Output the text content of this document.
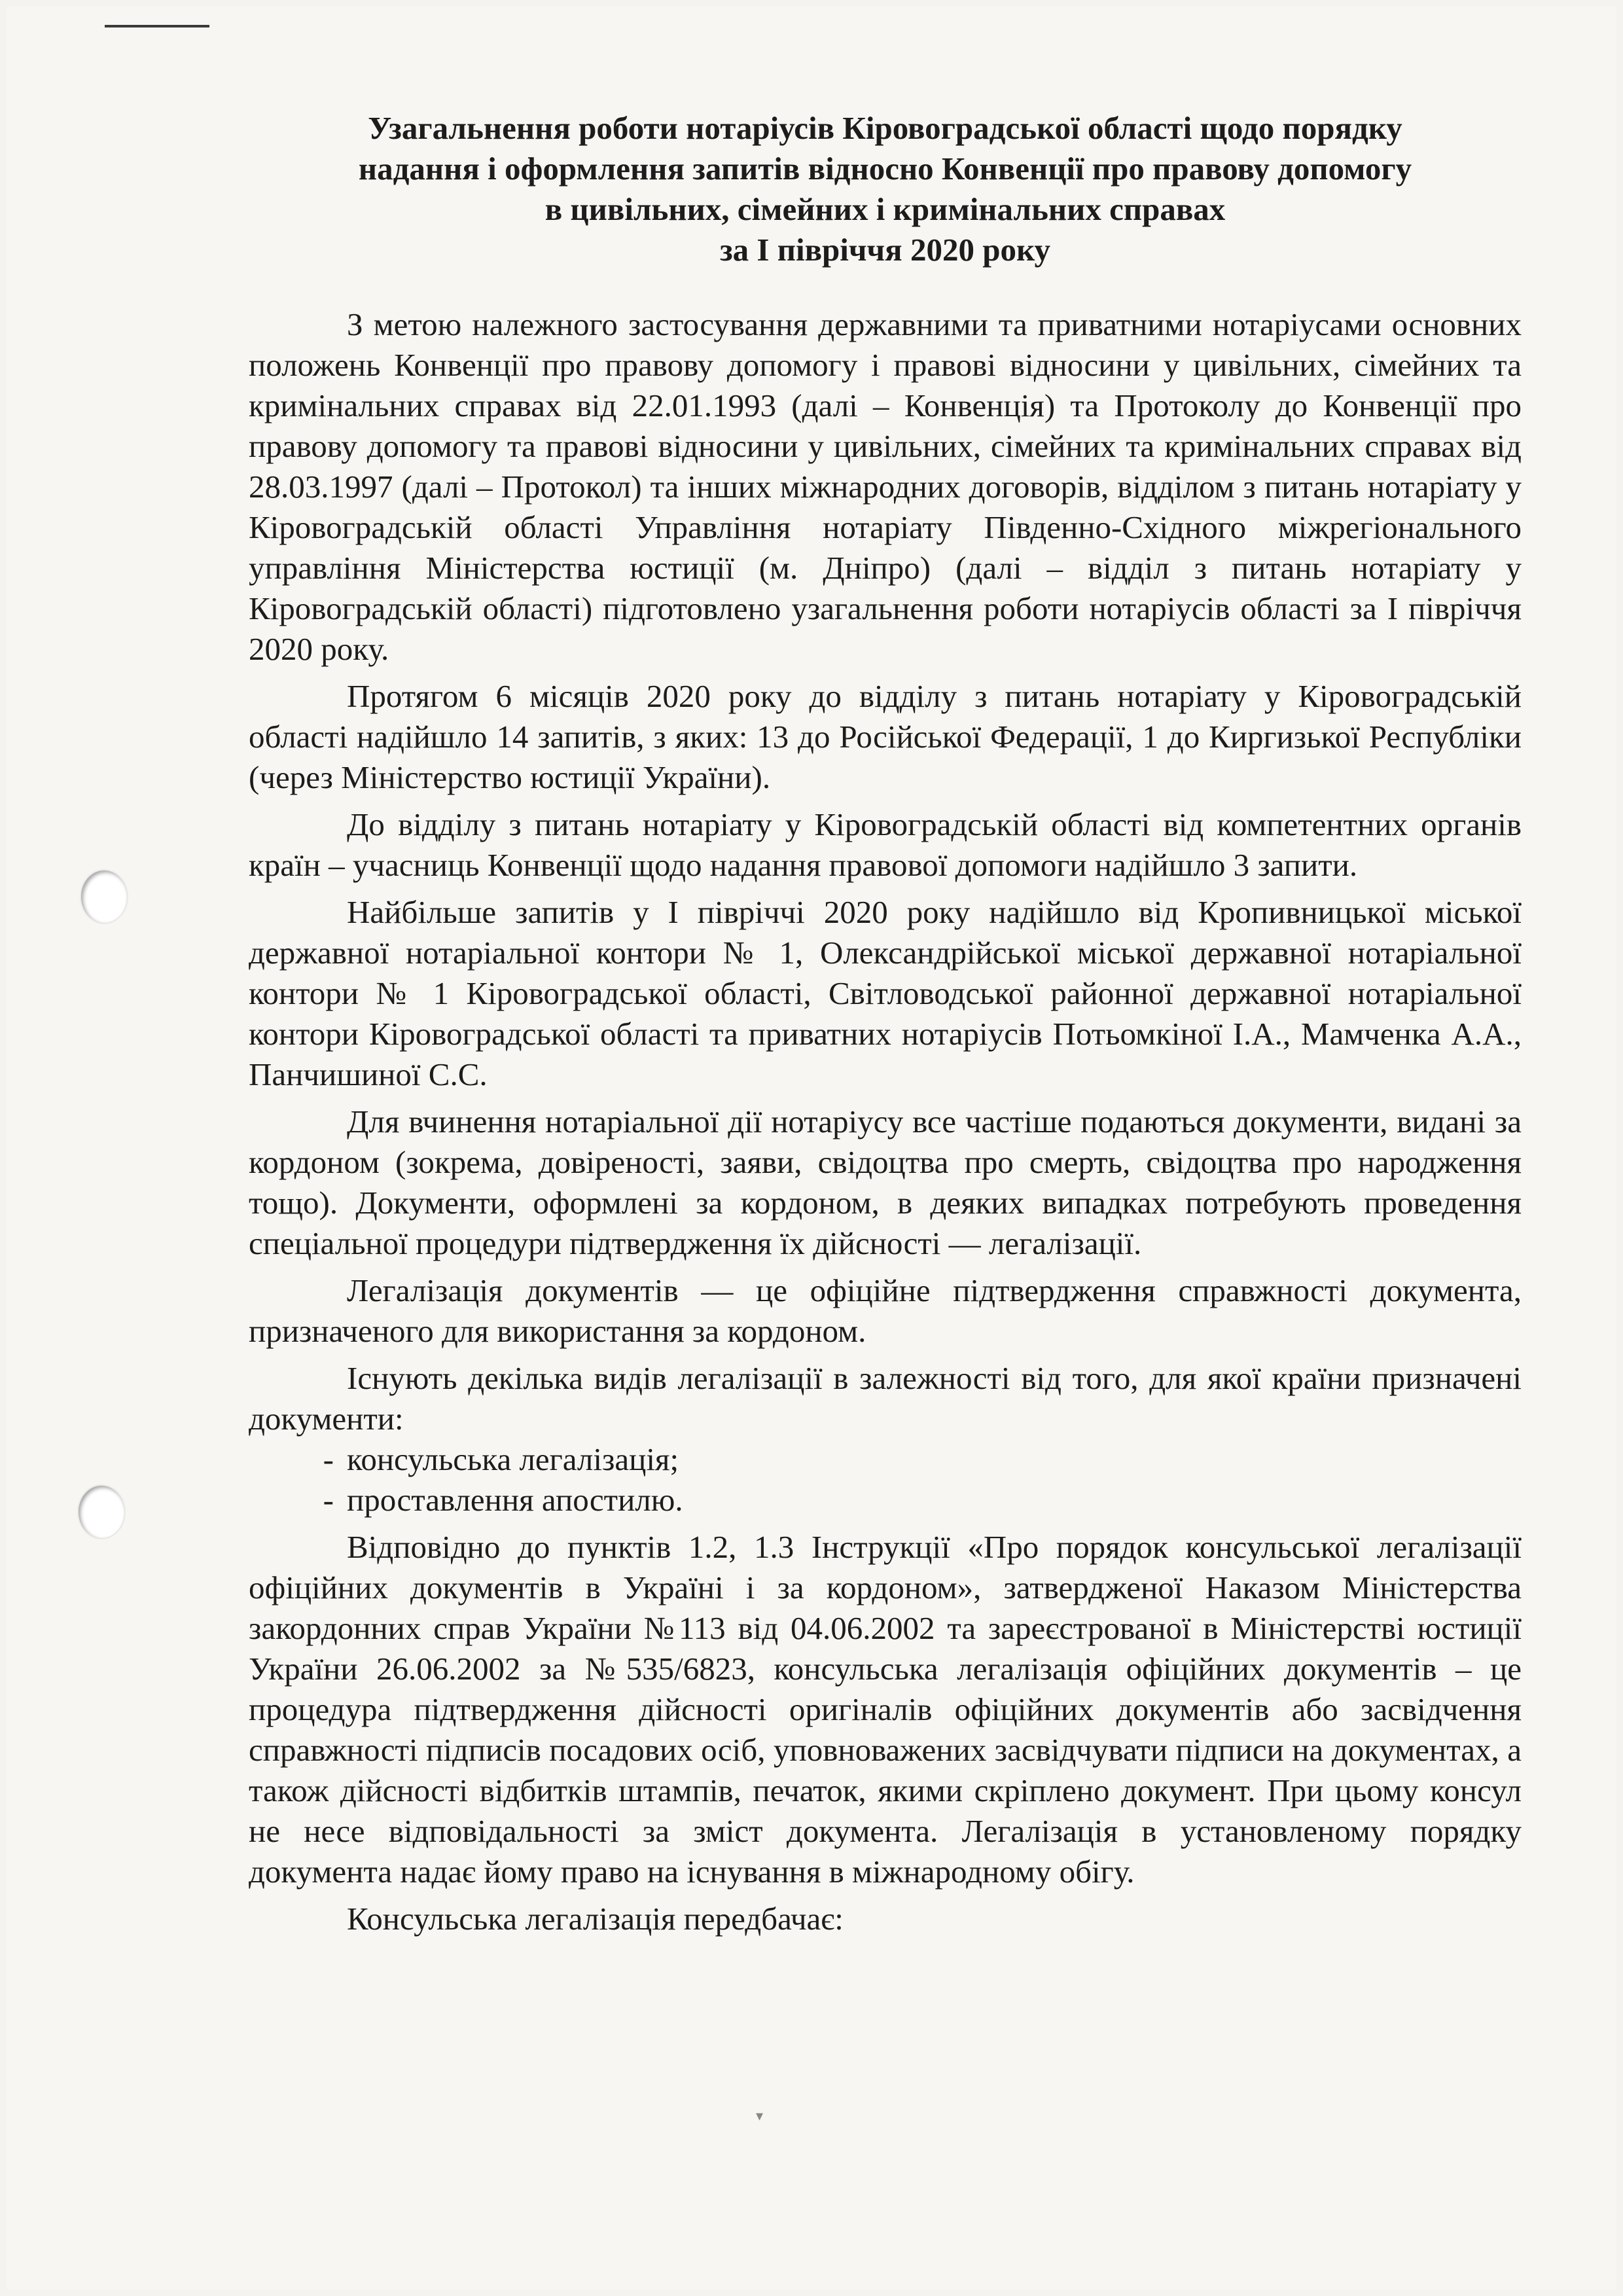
Узагальнення роботи нотаріусів Кіровоградської області щодо порядку
надання і оформлення запитів відносно Конвенції про правову допомогу
в цивільних, сімейних і кримінальних справах
за I півріччя 2020 року

З метою належного застосування державними та приватними нотаріусами основних положень Конвенції про правову допомогу і правові відносини у цивільних, сімейних та кримінальних справах від 22.01.1993 (далі – Конвенція) та Протоколу до Конвенції про правову допомогу та правові відносини у цивільних, сімейних та кримінальних справах від 28.03.1997 (далі – Протокол) та інших міжнародних договорів, відділом з питань нотаріату у Кіровоградській області Управління нотаріату Південно-Східного міжрегіонального управління Міністерства юстиції (м. Дніпро) (далі – відділ з питань нотаріату у Кіровоградській області) підготовлено узагальнення роботи нотаріусів області за I півріччя 2020 року.

Протягом 6 місяців 2020 року до відділу з питань нотаріату у Кіровоградській області надійшло 14 запитів, з яких: 13 до Російської Федерації, 1 до Киргизької Республіки (через Міністерство юстиції України).

До відділу з питань нотаріату у Кіровоградській області від компетентних органів країн – учасниць Конвенції щодо надання правової допомоги надійшло 3 запити.

Найбільше запитів у I півріччі 2020 року надійшло від Кропивницької міської державної нотаріальної контори № 1, Олександрійської міської державної нотаріальної контори № 1 Кіровоградської області, Світловодської районної державної нотаріальної контори Кіровоградської області та приватних нотаріусів Потьомкіної І.А., Мамченка А.А., Панчишиної С.С.

Для вчинення нотаріальної дії нотаріусу все частіше подаються документи, видані за кордоном (зокрема, довіреності, заяви, свідоцтва про смерть, свідоцтва про народження тощо). Документи, оформлені за кордоном, в деяких випадках потребують проведення спеціальної процедури підтвердження їх дійсності — легалізації.

Легалізація документів — це офіційне підтвердження справжності документа, призначеного для використання за кордоном.

Існують декілька видів легалізації в залежності від того, для якої країни призначені документи:

- консульська легалізація;

- проставлення апостилю.

Відповідно до пунктів 1.2, 1.3 Інструкції «Про порядок консульської легалізації офіційних документів в Україні і за кордоном», затвердженої Наказом Міністерства закордонних справ України №113 від 04.06.2002 та зареєстрованої в Міністерстві юстиції України 26.06.2002 за №535/6823, консульська легалізація офіційних документів – це процедура підтвердження дійсності оригіналів офіційних документів або засвідчення справжності підписів посадових осіб, уповноважених засвідчувати підписи на документах, а також дійсності відбитків штампів, печаток, якими скріплено документ. При цьому консул не несе відповідальності за зміст документа. Легалізація в установленому порядку документа надає йому право на існування в міжнародному обігу.

Консульська легалізація передбачає:

▾
